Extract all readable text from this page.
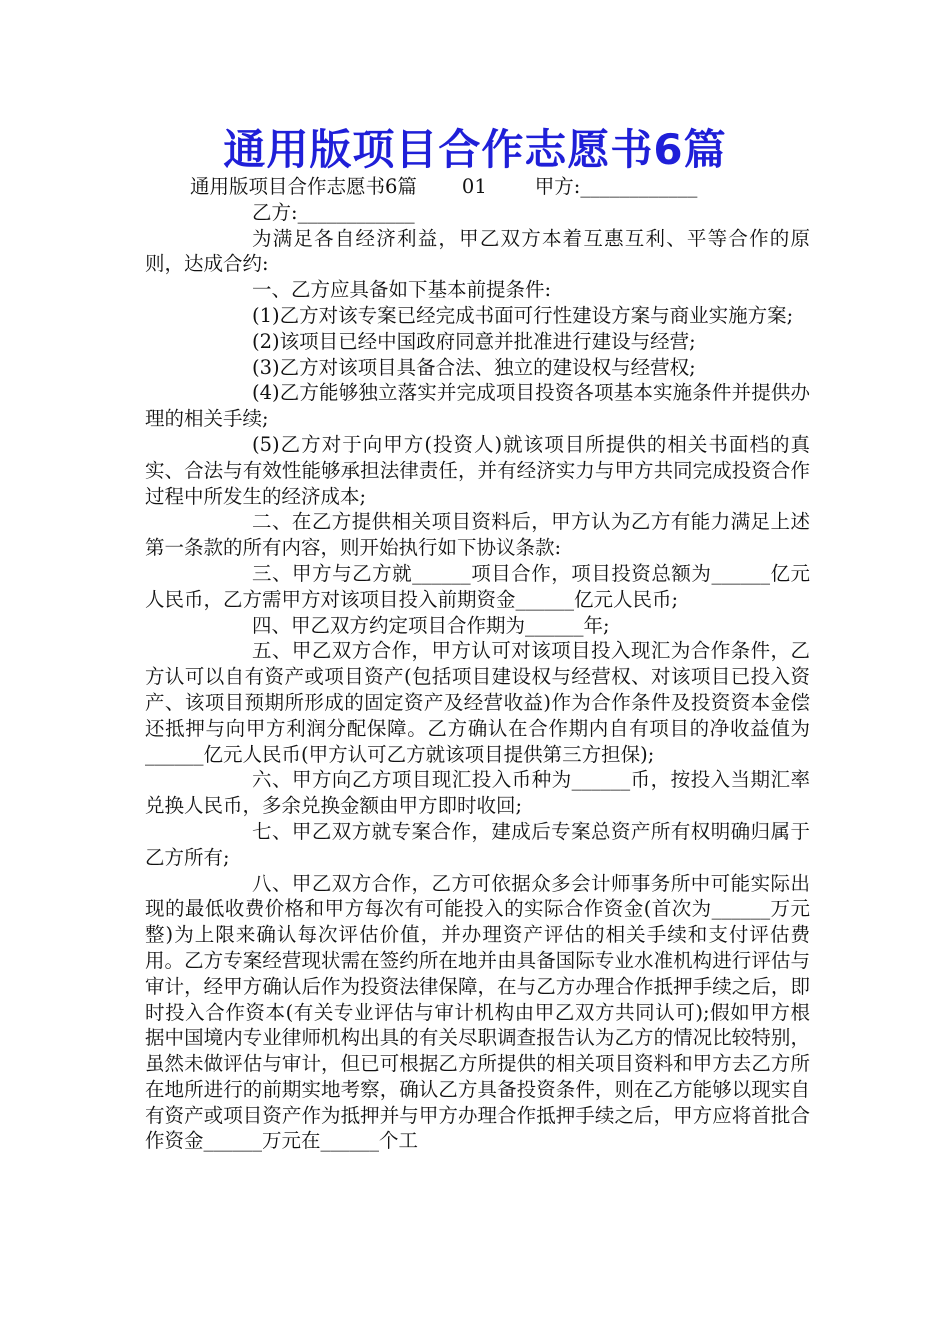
通用版项目合作志愿书6篇

通用版项目合作志愿书6篇 01 甲方:____________

乙方:____________

为满足各自经济利益，甲乙双方本着互惠互利、平等合作的原则，达成合约:

一、乙方应具备如下基本前提条件:

(1)乙方对该专案已经完成书面可行性建设方案与商业实施方案;

(2)该项目已经中国政府同意并批准进行建设与经营;

(3)乙方对该项目具备合法、独立的建设权与经营权;

(4)乙方能够独立落实并完成项目投资各项基本实施条件并提供办理的相关手续;

(5)乙方对于向甲方(投资人)就该项目所提供的相关书面档的真实、合法与有效性能够承担法律责任，并有经济实力与甲方共同完成投资合作过程中所发生的经济成本;

二、在乙方提供相关项目资料后，甲方认为乙方有能力满足上述第一条款的所有内容，则开始执行如下协议条款:

三、甲方与乙方就______项目合作，项目投资总额为______亿元人民币，乙方需甲方对该项目投入前期资金______亿元人民币;

四、甲乙双方约定项目合作期为______年;

五、甲乙双方合作，甲方认可对该项目投入现汇为合作条件，乙方认可以自有资产或项目资产(包括项目建设权与经营权、对该项目已投入资产、该项目预期所形成的固定资产及经营收益)作为合作条件及投资资本金偿还抵押与向甲方利润分配保障。乙方确认在合作期内自有项目的净收益值为______亿元人民币(甲方认可乙方就该项目提供第三方担保);

六、甲方向乙方项目现汇投入币种为______币，按投入当期汇率兑换人民币，多余兑换金额由甲方即时收回;

七、甲乙双方就专案合作，建成后专案总资产所有权明确归属于乙方所有;

八、甲乙双方合作，乙方可依据众多会计师事务所中可能实际出现的最低收费价格和甲方每次有可能投入的实际合作资金(首次为______万元整)为上限来确认每次评估价值，并办理资产评估的相关手续和支付评估费用。乙方专案经营现状需在签约所在地并由具备国际专业水准机构进行评估与审计，经甲方确认后作为投资法律保障，在与乙方办理合作抵押手续之后，即时投入合作资本(有关专业评估与审计机构由甲乙双方共同认可);假如甲方根据中国境内专业律师机构出具的有关尽职调查报告认为乙方的情况比较特别，虽然未做评估与审计，但已可根据乙方所提供的相关项目资料和甲方去乙方所在地所进行的前期实地考察，确认乙方具备投资条件，则在乙方能够以现实自有资产或项目资产作为抵押并与甲方办理合作抵押手续之后，甲方应将首批合作资金______万元在______个工
